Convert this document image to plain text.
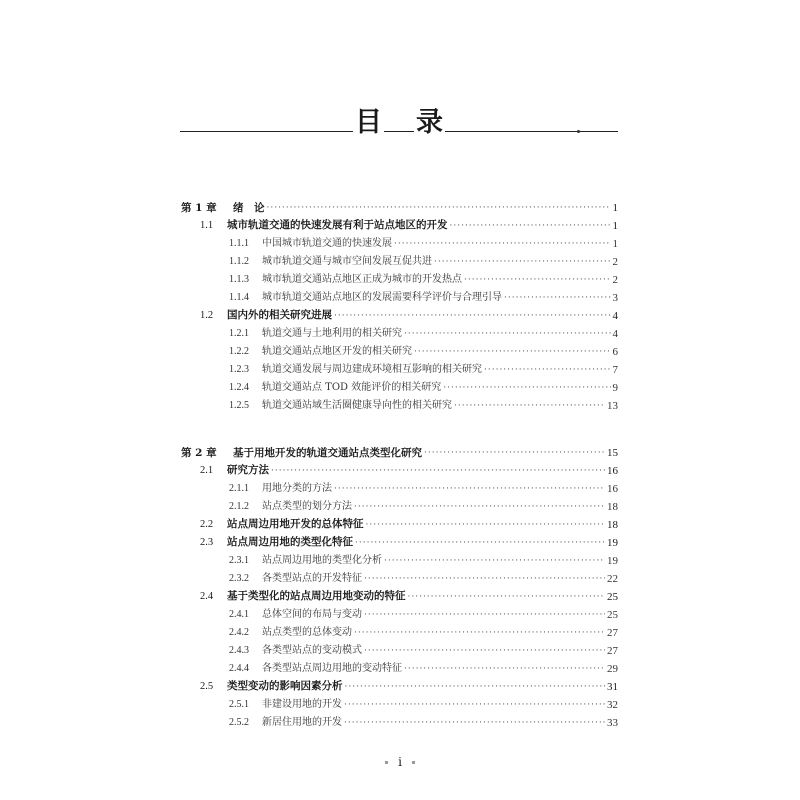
目 录
第 1 章 绪　论 ·····	1
1.1 城市轨道交通的快速发展有利于站点地区的开发 ·····	1
1.1.1 中国城市轨道交通的快速发展 ·····	1
1.1.2 城市轨道交通与城市空间发展互促共进 ·····	2
1.1.3 城市轨道交通站点地区正成为城市的开发热点 ·····	2
1.1.4 城市轨道交通站点地区的发展需要科学评价与合理引导 ·····	3
1.2 国内外的相关研究进展 ·····	4
1.2.1 轨道交通与土地利用的相关研究 ·····	4
1.2.2 轨道交通站点地区开发的相关研究 ·····	6
1.2.3 轨道交通发展与周边建成环境相互影响的相关研究 ·····	7
1.2.4 轨道交通站点 TOD 效能评价的相关研究 ·····	9
1.2.5 轨道交通站域生活圈健康导向性的相关研究 ·····	13
第 2 章 基于用地开发的轨道交通站点类型化研究 ·····	15
2.1 研究方法 ·····	16
2.1.1 用地分类的方法 ·····	16
2.1.2 站点类型的划分方法 ·····	18
2.2 站点周边用地开发的总体特征 ·····	18
2.3 站点周边用地的类型化特征 ·····	19
2.3.1 站点周边用地的类型化分析 ·····	19
2.3.2 各类型站点的开发特征 ·····	22
2.4 基于类型化的站点周边用地变动的特征 ·····	25
2.4.1 总体空间的布局与变动 ·····	25
2.4.2 站点类型的总体变动 ·····	27
2.4.3 各类型站点的变动模式 ·····	27
2.4.4 各类型站点周边用地的变动特征 ·····	29
2.5 类型变动的影响因素分析 ·····	31
2.5.1 非建设用地的开发 ·····	32
2.5.2 新居住用地的开发 ·····	33
i
